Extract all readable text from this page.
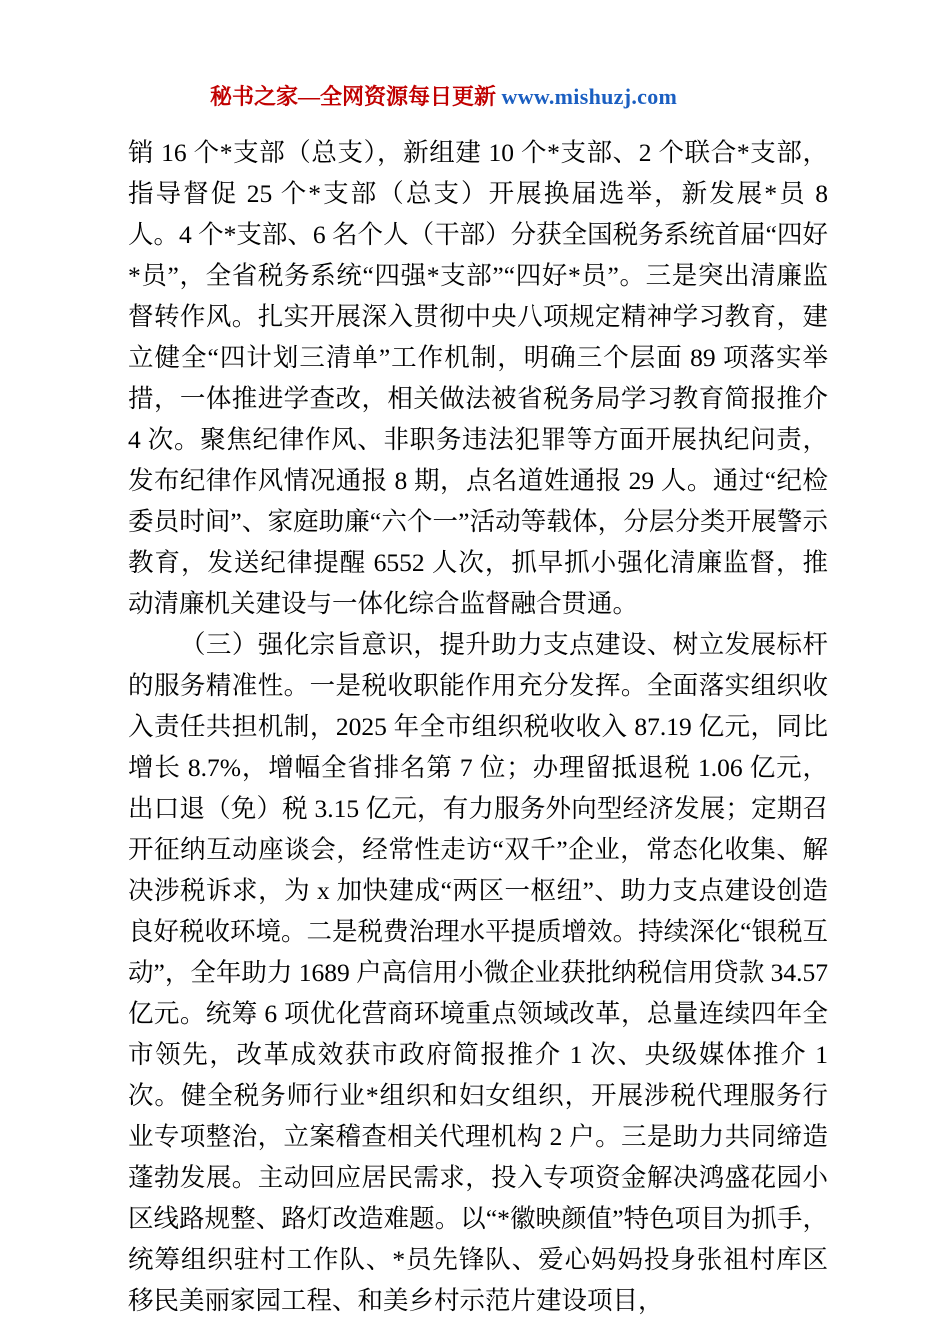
秘书之家—全网资源每日更新 www.mishuzj.com

销 16 个*支部（总支），新组建 10 个*支部、2 个联合*支部，指导督促 25 个*支部（总支）开展换届选举，新发展*员 8 人。4 个*支部、6 名个人（干部）分获全国税务系统首届“四好*员”，全省税务系统“四强*支部”“四好*员”。三是突出清廉监督转作风。扎实开展深入贯彻中央八项规定精神学习教育，建立健全“四计划三清单”工作机制，明确三个层面 89 项落实举措，一体推进学查改，相关做法被省税务局学习教育简报推介 4 次。聚焦纪律作风、非职务违法犯罪等方面开展执纪问责，发布纪律作风情况通报 8 期，点名道姓通报 29 人。通过“纪检委员时间”、家庭助廉“六个一”活动等载体，分层分类开展警示教育，发送纪律提醒 6552 人次，抓早抓小强化清廉监督，推动清廉机关建设与一体化综合监督融合贯通。

（三）强化宗旨意识，提升助力支点建设、树立发展标杆的服务精准性。一是税收职能作用充分发挥。全面落实组织收入责任共担机制，2025 年全市组织税收收入 87.19 亿元，同比增长 8.7%，增幅全省排名第 7 位；办理留抵退税 1.06 亿元，出口退（免）税 3.15 亿元，有力服务外向型经济发展；定期召开征纳互动座谈会，经常性走访“双千”企业，常态化收集、解决涉税诉求，为 x 加快建成“两区一枢纽”、助力支点建设创造良好税收环境。二是税费治理水平提质增效。持续深化“银税互动”，全年助力 1689 户高信用小微企业获批纳税信用贷款 34.57 亿元。统筹 6 项优化营商环境重点领域改革，总量连续四年全市领先，改革成效获市政府简报推介 1 次、央级媒体推介 1 次。健全税务师行业*组织和妇女组织，开展涉税代理服务行业专项整治，立案稽查相关代理机构 2 户。三是助力共同缔造蓬勃发展。主动回应居民需求，投入专项资金解决鸿盛花园小区线路规整、路灯改造难题。以“*徽映颜值”特色项目为抓手，统筹组织驻村工作队、*员先锋队、爱心妈妈投身张祖村库区移民美丽家园工程、和美乡村示范片建设项目，
